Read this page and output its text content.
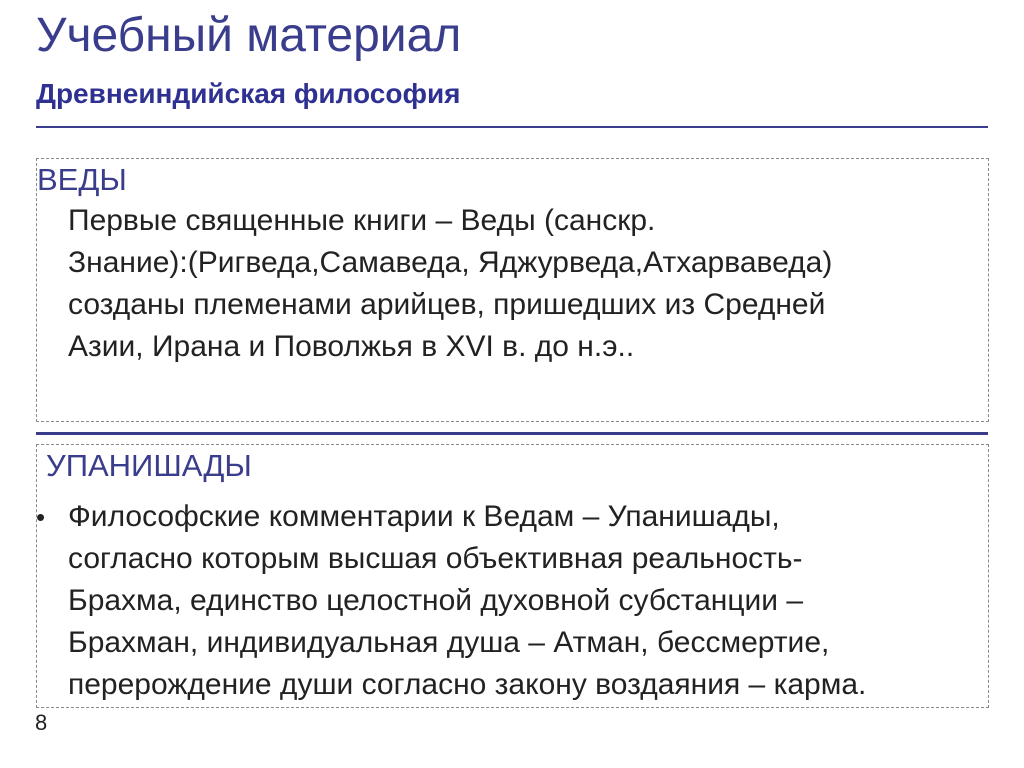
Учебный материал
Древнеиндийская философия
ВЕДЫ
Первые священные книги – Веды (санскр.
Знание):(Ригведа,Самаведа, Яджурведа,Атхарваведа)
созданы племенами арийцев, пришедших из Средней
Азии, Ирана и Поволжья в XVI в. до н.э..
УПАНИШАДЫ
• Философские комментарии к Ведам – Упанишады,
согласно которым высшая объективная реальность-
Брахма, единство целостной духовной субстанции –
Брахман, индивидуальная душа – Атман, бессмертие,
перерождение души согласно закону воздаяния – карма.
8
